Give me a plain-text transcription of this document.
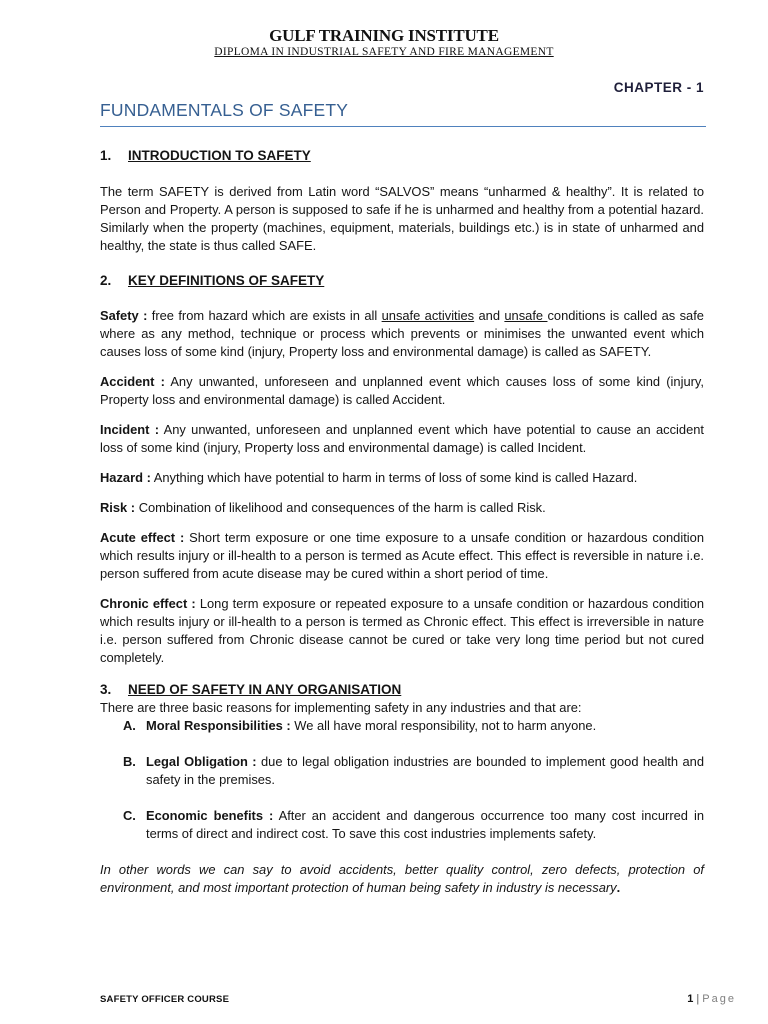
GULF TRAINING INSTITUTE
DIPLOMA IN INDUSTRIAL SAFETY AND FIRE MANAGEMENT
CHAPTER - 1
FUNDAMENTALS OF SAFETY
1. INTRODUCTION TO SAFETY

The term SAFETY is derived from Latin word “SALVOS” means “unharmed & healthy”. It is related to Person and Property. A person is supposed to safe if he is unharmed and healthy from a potential hazard. Similarly when the property (machines, equipment, materials, buildings etc.) is in state of unharmed and healthy, the state is thus called SAFE.

2. KEY DEFINITIONS OF SAFETY

Safety : free from hazard which are exists in all unsafe activities and unsafe conditions is called as safe where as any method, technique or process which prevents or minimises the unwanted event which causes loss of some kind (injury, Property loss and environmental damage) is called as SAFETY.

Accident : Any unwanted, unforeseen and unplanned event which causes loss of some kind (injury, Property loss and environmental damage) is called Accident.

Incident : Any unwanted, unforeseen and unplanned event which have potential to cause an accident loss of some kind (injury, Property loss and environmental damage) is called Incident.

Hazard : Anything which have potential to harm in terms of loss of some kind is called Hazard.

Risk : Combination of likelihood and consequences of the harm is called Risk.

Acute effect : Short term exposure or one time exposure to a unsafe condition or hazardous condition which results injury or ill-health to a person is termed as Acute effect. This effect is reversible in nature i.e. person suffered from acute disease may be cured within a short period of time.

Chronic effect : Long term exposure or repeated exposure to a unsafe condition or hazardous condition which results injury or ill-health to a person is termed as Chronic effect. This effect is irreversible in nature i.e. person suffered from Chronic disease cannot be cured or take very long time period but not cured completely.

3. NEED OF SAFETY IN ANY ORGANISATION

There are three basic reasons for implementing safety in any industries and that are:

A. Moral Responsibilities : We all have moral responsibility, not to harm anyone.
B. Legal Obligation : due to legal obligation industries are bounded to implement good health and safety in the premises.
C. Economic benefits : After an accident and dangerous occurrence too many cost incurred in terms of direct and indirect cost. To save this cost industries implements safety.

In other words we can say to avoid accidents, better quality control, zero defects, protection of environment, and most important protection of human being safety in industry is necessary.

SAFETY OFFICER COURSE	1 | Page
